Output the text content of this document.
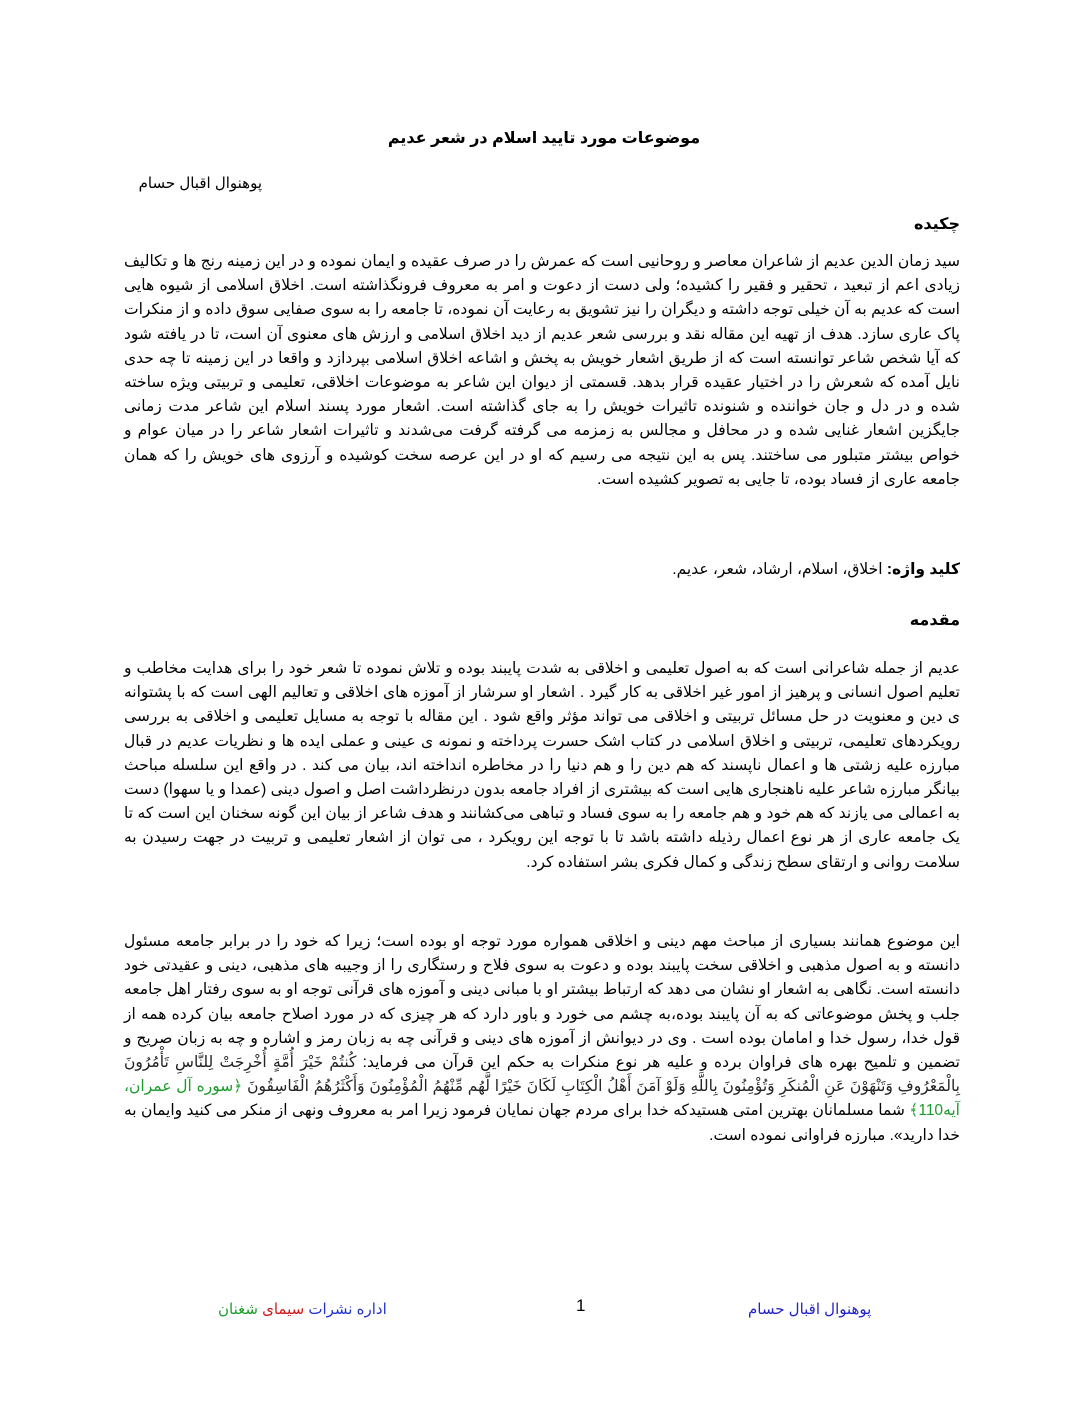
موضوعات مورد تایید اسلام در شعر عدیم
پوهنوال اقبال حسام
چکیده
سید زمان الدین عدیم از شاعران معاصر و روحانیی است که عمرش را در صرف عقیده و ایمان نموده و در این زمینه رنج ها و تکالیف زیادی اعم از تبعید ، تحقیر و فقیر را کشیده؛ ولی دست از دعوت و امر به معروف فرونگذاشته است. اخلاق اسلامی از شیوه هایی است که عدیم به آن خیلی توجه داشته و دیگران را نیز تشویق به رعایت آن نموده، تا جامعه را به سوی صفایی سوق داده و از منکرات پاک عاری سازد. هدف از تهیه این مقاله نقد و بررسی شعر عدیم از دید اخلاق اسلامی و ارزش های معنوی آن است، تا در یافته شود که آیا شخص شاعر توانسته است که از طریق اشعار خویش به پخش و اشاعه اخلاق اسلامی بپردازد و واقعا در این زمینه تا چه حدی نایل آمده که شعرش را در اختیار عقیده قرار بدهد. قسمتی از دیوان این شاعر به موضوعات اخلاقی، تعلیمی و تربیتی ویژه ساخته شده و در دل و جان خواننده و شنونده تاثیرات خویش را به جای گذاشته است. اشعار مورد پسند اسلام این شاعر مدت زمانی جایگزین اشعار غنایی شده و در محافل و مجالس به زمزمه می گرفته گرفت می‌شدند و تاثیرات اشعار شاعر را در میان عوام و خواص بیشتر متبلور می ساختند. پس به این نتیجه می رسیم که او در این عرصه سخت کوشیده و آرزوی های خویش را که همان جامعه عاری از فساد بوده، تا جایی به تصویر کشیده است.
کلید واژه: اخلاق، اسلام، ارشاد، شعر، عدیم.
مقدمه
عدیم از جمله شاعرانی است که به اصول تعلیمی و اخلاقی به شدت پایبند بوده و تلاش نموده تا شعر خود را برای هدایت مخاطب و تعلیم اصول انسانی و پرهیز از امور غیر اخلاقی به کار گیرد . اشعار او سرشار از آموزه های اخلاقی و تعالیم الهی است که با پشتوانه ی دین و معنویت در حل مسائل تربیتی و اخلاقی می تواند مؤثر واقع شود . این مقاله با توجه به مسایل تعلیمی و اخلاقی به بررسی رویکردهای تعلیمی، تربیتی و اخلاق اسلامی در کتاب اشک حسرت پرداخته و نمونه ی عینی و عملی ایده ها و نظریات عدیم در قبال مبارزه علیه زشتی ها و اعمال ناپسند که هم دین را و هم دنیا را در مخاطره انداخته اند، بیان می کند . در واقع این سلسله مباحث بیانگر مبارزه شاعر علیه ناهنجاری هایی است که بیشتری از افراد جامعه بدون درنظرداشت اصل و اصول دینی (عمدا و یا سهوا) دست به اعمالی می یازند که هم خود و هم جامعه را به سوی فساد و تباهی می‌کشانند و هدف شاعر از بیان این گونه سخنان این است که تا یک جامعه عاری از هر نوع اعمال رذیله داشته باشد تا با توجه این رویکرد ، می توان از اشعار تعلیمی و تربیت در جهت رسیدن به سلامت روانی و ارتقای سطح زندگی و کمال فکری بشر استفاده کرد.
این موضوع همانند بسیاری از مباحث مهم دینی و اخلاقی همواره مورد توجه او بوده است؛ زیرا که خود را در برابر جامعه مسئول دانسته و به اصول مذهبی و اخلاقی سخت پایبند بوده و دعوت به سوی فلاح و رستگاری را از وجیبه های مذهبی، دینی و عقیدتی خود دانسته است. نگاهی به اشعار او نشان می دهد که ارتباط بیشتر او با مبانی دینی و آموزه های قرآنی توجه او به سوی رفتار اهل جامعه جلب و پخش موضوعاتی که به آن پایبند بوده،به چشم می خورد و باور دارد که هر چیزی که در مورد اصلاح جامعه بیان کرده همه از قول خدا، رسول خدا و امامان بوده است . وی در دیوانش از آموزه های دینی و قرآنی چه به زبان رمز و اشاره و چه به زبان صریح و تضمین و تلمیح بهره های فراوان برده و علیه هر نوع منکرات به حکم این قرآن می فرماید: كُنتُمْ خَيْرَ أُمَّةٍ أُخْرِجَتْ لِلنَّاسِ تَأْمُرُونَ بِالْمَعْرُوفِ وَتَنْهَوْنَ عَنِ الْمُنكَرِ وَتُؤْمِنُونَ بِاللَّهِ وَلَوْ آمَنَ أَهْلُ الْكِتَابِ لَكَانَ خَيْرًا لَّهُم مِّنْهُمُ الْمُؤْمِنُونَ وَأَكْثَرُهُمُ الْفَاسِقُونَ ﴿سوره آل عمران، آیه110﴾ شما مسلمانان بهترین امتی هستیدکه خدا برای مردم جهان نمایان فرمود زیرا امر به معروف ونهی از منکر می کنید وایمان به خدا دارید». مبارزه فراوانی نموده است.
اداره نشرات سیمای شغنان	1	پوهنوال اقبال حسام
